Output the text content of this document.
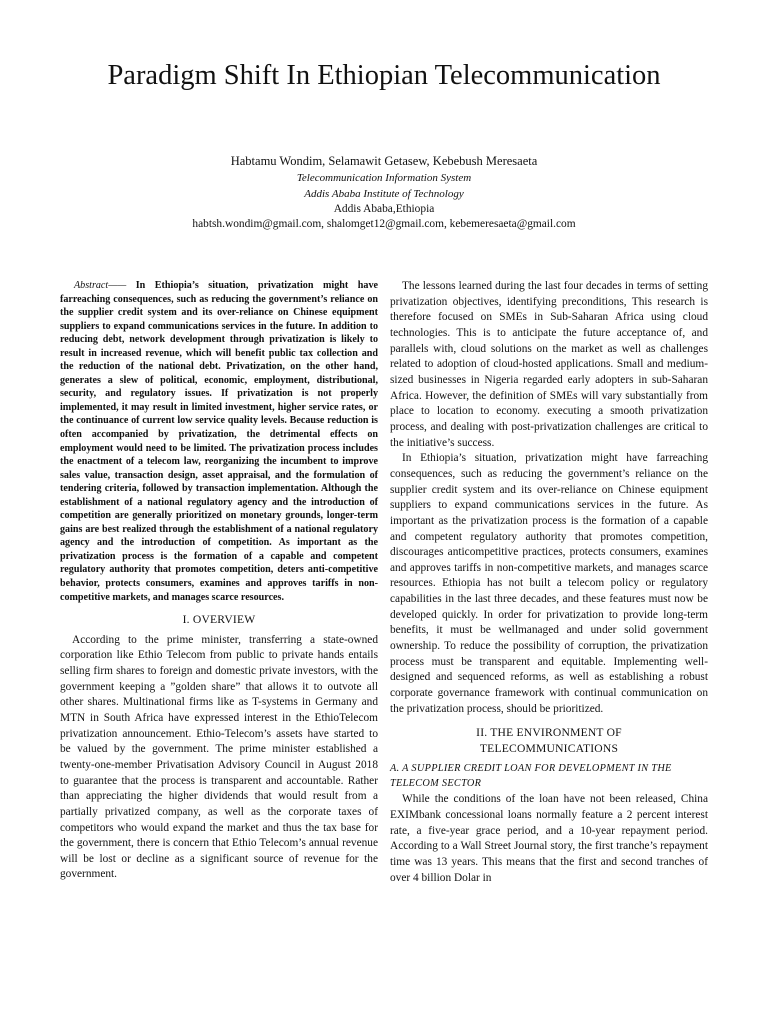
Paradigm Shift In Ethiopian Telecommunication
Habtamu Wondim, Selamawit Getasew, Kebebush Meresaeta
Telecommunication Information System
Addis Ababa Institute of Technology
Addis Ababa,Ethiopia
habtsh.wondim@gmail.com, shalomget12@gmail.com, kebemeresaeta@gmail.com

Abstract—— In Ethiopia’s situation, privatization might have farreaching consequences, such as reducing the government’s reliance on the supplier credit system and its over-reliance on Chinese equipment suppliers to expand communications services in the future. In addition to reducing debt, network development through privatization is likely to result in increased revenue, which will benefit public tax collection and the reduction of the national debt. Privatization, on the other hand, generates a slew of political, economic, employment, distributional, security, and regulatory issues. If privatization is not properly implemented, it may result in limited investment, higher service rates, or the continuance of current low service quality levels. Because reduction is often accompanied by privatization, the detrimental effects on employment would need to be limited. The privatization process includes the enactment of a telecom law, reorganizing the incumbent to improve sales value, transaction design, asset appraisal, and the formulation of tendering criteria, followed by transaction implementation. Although the establishment of a national regulatory agency and the introduction of competition are generally prioritized on monetary grounds, longer-term gains are best realized through the establishment of a national regulatory agency and the introduction of competition. As important as the privatization process is the formation of a capable and competent regulatory authority that promotes competition, deters anti-competitive behavior, protects consumers, examines and approves tariffs in non-competitive markets, and manages scarce resources.

I. OVERVIEW

According to the prime minister, transferring a state-owned corporation like Ethio Telecom from public to private hands entails selling firm shares to foreign and domestic private investors, with the government keeping a ”golden share” that allows it to outvote all other shares. Multinational firms like as T-systems in Germany and MTN in South Africa have expressed interest in the EthioTelecom privatization announcement. Ethio-Telecom’s assets have started to be valued by the government. The prime minister established a twenty-one-member Privatisation Advisory Council in August 2018 to guarantee that the process is transparent and accountable. Rather than appreciating the higher dividends that would result from a partially privatized company, as well as the corporate taxes of competitors who would expand the market and thus the tax base for the government, there is concern that Ethio Telecom’s annual revenue will be lost or decline as a significant source of revenue for the government.

The lessons learned during the last four decades in terms of setting privatization objectives, identifying preconditions, This research is therefore focused on SMEs in Sub-Saharan Africa using cloud technologies. This is to anticipate the future acceptance of, and parallels with, cloud solutions on the market as well as challenges related to adoption of cloud-hosted applications. Small and medium-sized businesses in Nigeria regarded early adopters in sub-Saharan Africa. However, the definition of SMEs will vary substantially from place to location to economy. executing a smooth privatization process, and dealing with post-privatization challenges are critical to the initiative’s success.

In Ethiopia’s situation, privatization might have farreaching consequences, such as reducing the government’s reliance on the supplier credit system and its over-reliance on Chinese equipment suppliers to expand communications services in the future. As important as the privatization process is the formation of a capable and competent regulatory authority that promotes competition, discourages anticompetitive practices, protects consumers, examines and approves tariffs in non-competitive markets, and manages scarce resources. Ethiopia has not built a telecom policy or regulatory capabilities in the last three decades, and these features must now be developed quickly. In order for privatization to provide long-term benefits, it must be wellmanaged and under solid government ownership. To reduce the possibility of corruption, the privatization process must be transparent and equitable. Implementing well-designed and sequenced reforms, as well as establishing a robust corporate governance framework with continual communication on the privatization process, should be prioritized.

II. THE ENVIRONMENT OF
TELECOMMUNICATIONS
A. A SUPPLIER CREDIT LOAN FOR DEVELOPMENT IN THE TELECOM SECTOR

While the conditions of the loan have not been released, China EXIMbank concessional loans normally feature a 2 percent interest rate, a five-year grace period, and a 10-year repayment period. According to a Wall Street Journal story, the first tranche’s repayment time was 13 years. This means that the first and second tranches of over 4 billion Dolar in
